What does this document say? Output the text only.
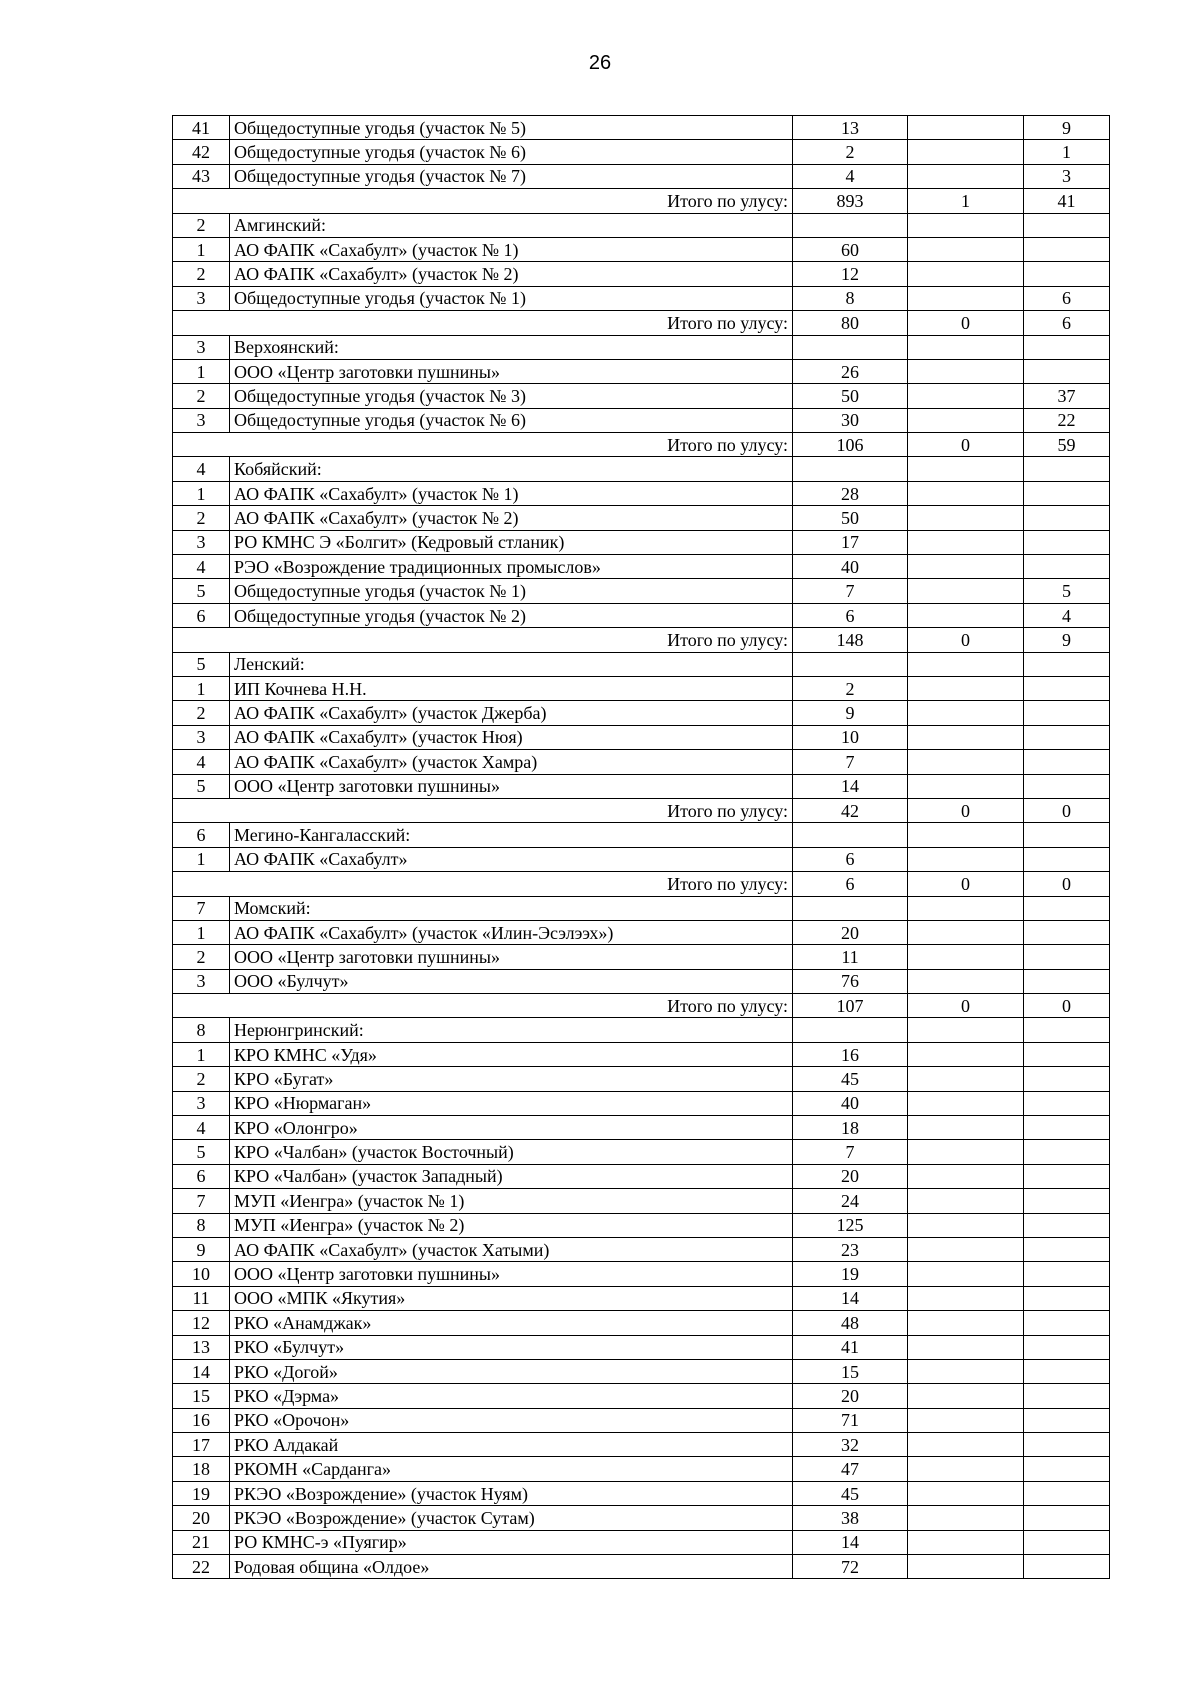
26
41	Общедоступные угодья (участок № 5)	13		9
42	Общедоступные угодья (участок № 6)	2		1
43	Общедоступные угодья (участок № 7)	4		3
	Итого по улусу:	893	1	41
2	Амгинский:			
1	АО ФАПК «Сахабулт» (участок № 1)	60		
2	АО ФАПК «Сахабулт» (участок № 2)	12		
3	Общедоступные угодья (участок № 1)	8		6
	Итого по улусу:	80	0	6
3	Верхоянский:			
1	ООО «Центр заготовки пушнины»	26		
2	Общедоступные угодья (участок № 3)	50		37
3	Общедоступные угодья (участок № 6)	30		22
	Итого по улусу:	106	0	59
4	Кобяйский:			
1	АО ФАПК «Сахабулт» (участок № 1)	28		
2	АО ФАПК «Сахабулт» (участок № 2)	50		
3	РО КМНС Э «Болгит» (Кедровый стланик)	17		
4	РЭО «Возрождение традиционных промыслов»	40		
5	Общедоступные угодья (участок № 1)	7		5
6	Общедоступные угодья (участок № 2)	6		4
	Итого по улусу:	148	0	9
5	Ленский:			
1	ИП Кочнева Н.Н.	2		
2	АО ФАПК «Сахабулт» (участок Джерба)	9		
3	АО ФАПК «Сахабулт» (участок Нюя)	10		
4	АО ФАПК «Сахабулт» (участок Хамра)	7		
5	ООО «Центр заготовки пушнины»	14		
	Итого по улусу:	42	0	0
6	Мегино-Кангаласский:			
1	АО ФАПК «Сахабулт»	6		
	Итого по улусу:	6	0	0
7	Момский:			
1	АО ФАПК «Сахабулт» (участок «Илин-Эсэлээх»)	20		
2	ООО «Центр заготовки пушнины»	11		
3	ООО «Булчут»	76		
	Итого по улусу:	107	0	0
8	Нерюнгринский:			
1	КРО КМНС «Удя»	16		
2	КРО «Бугат»	45		
3	КРО «Нюрмаган»	40		
4	КРО «Олонгро»	18		
5	КРО «Чалбан» (участок Восточный)	7		
6	КРО «Чалбан» (участок Западный)	20		
7	МУП «Иенгра» (участок № 1)	24		
8	МУП «Иенгра» (участок № 2)	125		
9	АО ФАПК «Сахабулт» (участок Хатыми)	23		
10	ООО «Центр заготовки пушнины»	19		
11	ООО «МПК «Якутия»	14		
12	РКО «Анамджак»	48		
13	РКО «Булчут»	41		
14	РКО «Догой»	15		
15	РКО «Дэрма»	20		
16	РКО «Орочон»	71		
17	РКО Алдакай	32		
18	РКОМН «Сарданга»	47		
19	РКЭО «Возрождение» (участок Нуям)	45		
20	РКЭО «Возрождение» (участок Сутам)	38		
21	РО КМНС-э «Пуягир»	14		
22	Родовая община «Олдое»	72		
